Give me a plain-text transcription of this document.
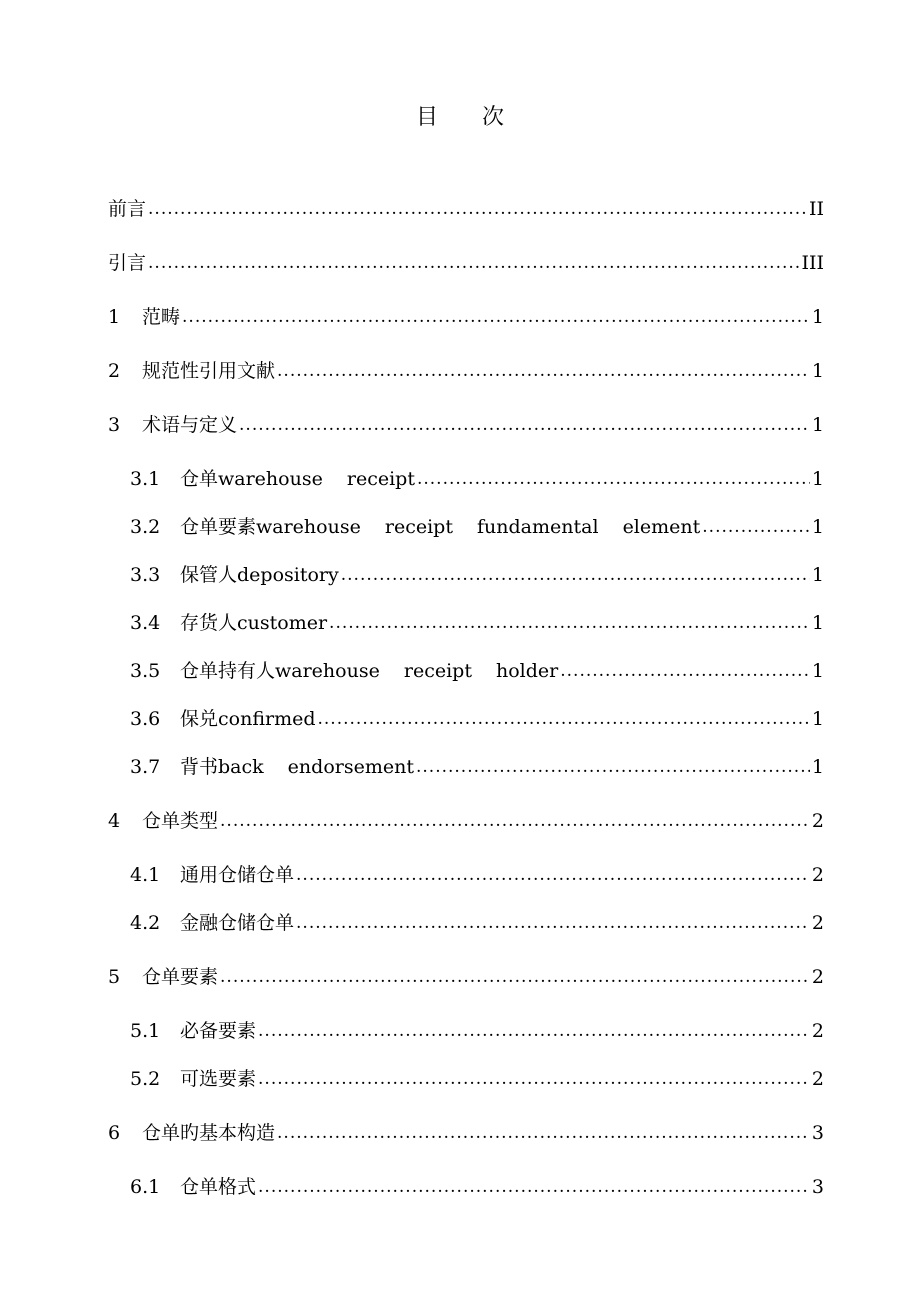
目 次
前言 .....	II
引言 .....	III
1	范畴 .....	1
2	规范性引用文献 .....	1
3	术语与定义 .....	1
3.1	仓单warehouse receipt .....	1
3.2	仓单要素warehouse receipt fundamental element .....	1
3.3	保管人depository .....	1
3.4	存货人customer .....	1
3.5	仓单持有人warehouse receipt holder .....	1
3.6	保兑confirmed .....	1
3.7	背书back endorsement .....	1
4	仓单类型 .....	2
4.1	通用仓储仓单 .....	2
4.2	金融仓储仓单 .....	2
5	仓单要素 .....	2
5.1	必备要素 .....	2
5.2	可选要素 .....	2
6	仓单旳基本构造 .....	3
6.1	仓单格式 .....	3
